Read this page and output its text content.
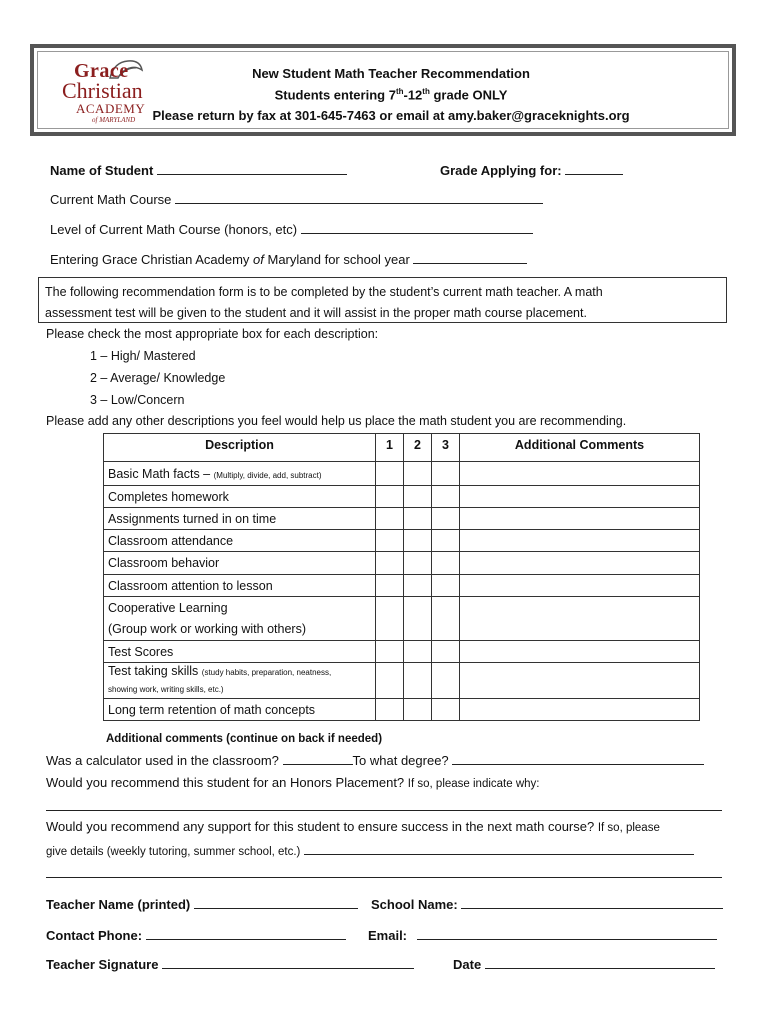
Grace
Christian
ACADEMY
of MARYLAND
New Student Math Teacher Recommendation
Students entering 7th-12th grade ONLY
Please return by fax at 301-645-7463 or email at amy.baker@graceknights.org
Name of Student	Grade Applying for:
Current Math Course
Level of Current Math Course (honors, etc)
Entering Grace Christian Academy of Maryland for school year
The following recommendation form is to be completed by the student’s current math teacher. A math
assessment test will be given to the student and it will assist in the proper math course placement.
Please check the most appropriate box for each description:
1 – High/ Mastered
2 – Average/ Knowledge
3 – Low/Concern
Please add any other descriptions you feel would help us place the math student you are recommending.
Description	1	2	3	Additional Comments
Basic Math facts – (Multiply, divide, add, subtract)				
Completes homework				
Assignments turned in on time				
Classroom attendance				
Classroom behavior				
Classroom attention to lesson				

Cooperative Learning
(Group work or working with others)				

Test Scores				

Test taking skills (study habits, preparation, neatness,
showing work, writing skills, etc.)				

Long term retention of math concepts				
Additional comments (continue on back if needed)
Was a calculator used in the classroom?	To what degree?
Would you recommend this student for an Honors Placement? If so, please indicate why:
Would you recommend any support for this student to ensure success in the next math course? If so, please
give details (weekly tutoring, summer school, etc.)
Teacher Name (printed)	School Name:
Contact Phone:	Email:
Teacher Signature	Date
